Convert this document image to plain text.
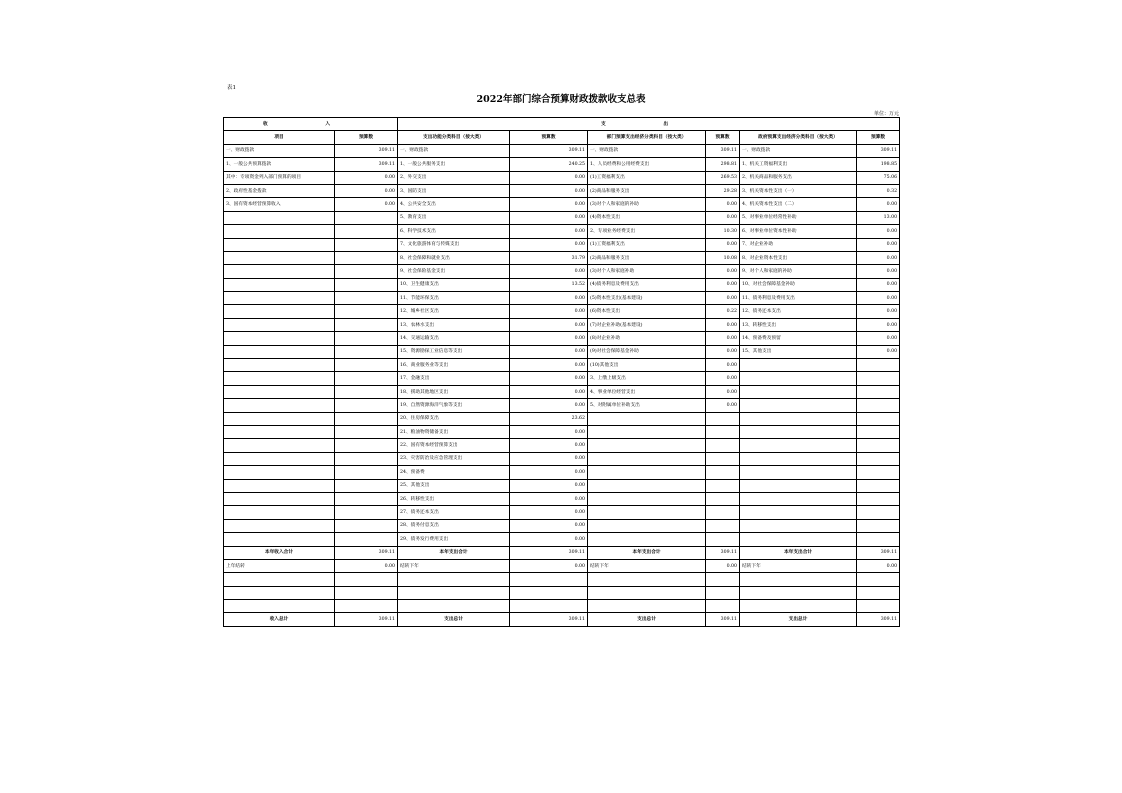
表1
2022年部门综合预算财政拨款收支总表
单位：万元
收 入		支 出					
项目	预算数	支出功能分类科目（按大类）	预算数	部门预算支出经济分类科目（按大类）	预算数	政府预算支出经济分类科目（按大类）	预算数
一、财政拨款	309.11	一、财政拨款	309.11	一、财政拨款	309.11	一、财政拨款	309.11
1、一般公共预算拨款	309.11	1、一般公共服务支出	240.25	1、人员经费和公用经费支出	298.81	1、机关工资福利支出	198.85
其中：专项资金列入部门预算的项目	0.00	2、外交支出	0.00	(1)工资福利支出	269.53	2、机关商品和服务支出	75.06
2、政府性基金拨款	0.00	3、国防支出	0.00	(2)商品和服务支出	29.28	3、机关资本性支出（一）	0.32
3、国有资本经营预算收入	0.00	4、公共安全支出	0.00	(3)对个人和家庭的补助	0.00	4、机关资本性支出（二）	0.00
		5、教育支出	0.00	(4)资本性支出	0.00	5、对事业单位经常性补助	13.00
		6、科学技术支出	0.00	2、专项业务经费支出	10.30	6、对事业单位资本性补助	0.00
		7、文化旅游体育与传媒支出	0.00	(1)工资福利支出	0.00	7、对企业补助	0.00
		8、社会保障和就业支出	31.79	(2)商品和服务支出	10.08	8、对企业资本性支出	0.00
		9、社会保险基金支出	0.00	(3)对个人和家庭补助	0.00	9、对个人和家庭的补助	0.00
		10、卫生健康支出	13.52	(4)债务利息及费用支出	0.00	10、对社会保障基金补助	0.00
		11、节能环保支出	0.00	(5)资本性支出(基本建设)	0.00	11、债务利息及费用支出	0.00
		12、城乡社区支出	0.00	(6)资本性支出	0.22	12、债务还本支出	0.00
		13、农林水支出	0.00	(7)对企业补助(基本建设)	0.00	13、转移性支出	0.00
		14、交通运输支出	0.00	(8)对企业补助	0.00	14、预备费及预留	0.00
		15、资源勘探工业信息等支出	0.00	(9)对社会保障基金补助	0.00	15、其他支出	0.00
		16、商业服务业等支出	0.00	(10)其他支出	0.00		
		17、金融支出	0.00	3、上缴上级支出	0.00		
		18、援助其他地区支出	0.00	4、事业单位经营支出	0.00		
		19、自然资源海洋气象等支出	0.00	5、对附属单位补助支出	0.00		
		20、住房保障支出	23.62				
		21、粮油物资储备支出	0.00				
		22、国有资本经营预算支出	0.00				
		23、灾害防治及应急管理支出	0.00				
		24、预备费	0.00				
		25、其他支出	0.00				
		26、转移性支出	0.00				
		27、债务还本支出	0.00				
		28、债务付息支出	0.00				
		29、债务发行费用支出	0.00				
本年收入合计	309.11	本年支出合计	309.11	本年支出合计	309.11	本年支出合计	309.11
上年结转	0.00	结转下年	0.00	结转下年	0.00	结转下年	0.00

收入总计	309.11	支出总计	309.11	支出总计	309.11	支出总计	309.11
